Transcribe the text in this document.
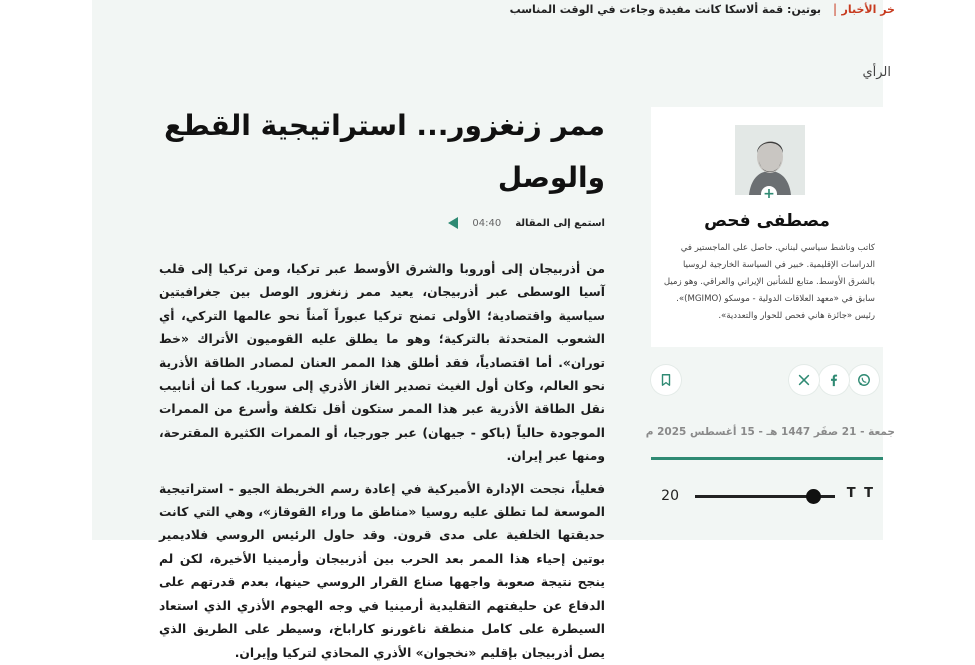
خر الأخبار
|
بوتين: قمة ألاسكا كانت مفيدة وجاءت في الوقت المناسب
الرأي
ممر زنغزور... استراتيجية القطع والوصل
استمع إلى المقالة
04:40

من أذربيجان إلى أوروبا والشرق الأوسط عبر تركيا، ومن تركيا إلى قلب آسيا الوسطى عبر أذربيجان، يعيد ممر زنغزور الوصل بين جغرافيتين سياسية واقتصادية؛ الأولى تمنح تركيا عبوراً آمناً نحو عالمها التركي، أي الشعوب المتحدثة بالتركية؛ وهو ما يطلق عليه القوميون الأتراك «خط توران». أما اقتصادياً، فقد أطلق هذا الممر العنان لمصادر الطاقة الأذرية نحو العالم، وكان أول الغيث تصدير الغاز الأذري إلى سوريا. كما أن أنابيب نقل الطاقة الأذرية عبر هذا الممر ستكون أقل تكلفة وأسرع من الممرات الموجودة حالياً (باكو - جيهان) عبر جورجيا، أو الممرات الكثيرة المقترحة، ومنها عبر إيران.

فعلياً، نجحت الإدارة الأميركية في إعادة رسم الخريطة الجيو - استراتيجية الموسعة لما تطلق عليه روسيا «مناطق ما وراء القوقاز»، وهي التي كانت حديقتها الخلفية على مدى قرون. وقد حاول الرئيس الروسي فلاديمير بوتين إحياء هذا الممر بعد الحرب بين أذربيجان وأرمينيا الأخيرة، لكن لم ينجح نتيجة صعوبة واجهها صناع القرار الروسي حينها، بعدم قدرتهم على الدفاع عن حليفتهم التقليدية أرمينيا في وجه الهجوم الأذري الذي استعاد السيطرة على كامل منطقة ناغورنو كاراباخ، وسيطر على الطريق الذي يصل أذربيجان بإقليم «نخجوان» الأذري المحاذي لتركيا وإيران.

+
مصطفى فحص
كاتب وناشط سياسي لبناني. حاصل على الماجستير في الدراسات الإقليمية. خبير في السياسة الخارجية لروسيا بالشرق الأوسط. متابع للشأنين الإيراني والعراقي. وهو زميل سابق في «معهد العلاقات الدولية - موسكو (MGIMO)». رئيس «جائزة هاني فحص للحوار والتعددية».
جمعة - 21 صفَر 1447 هـ - 15 أغسطس 2025 م
T T
20
